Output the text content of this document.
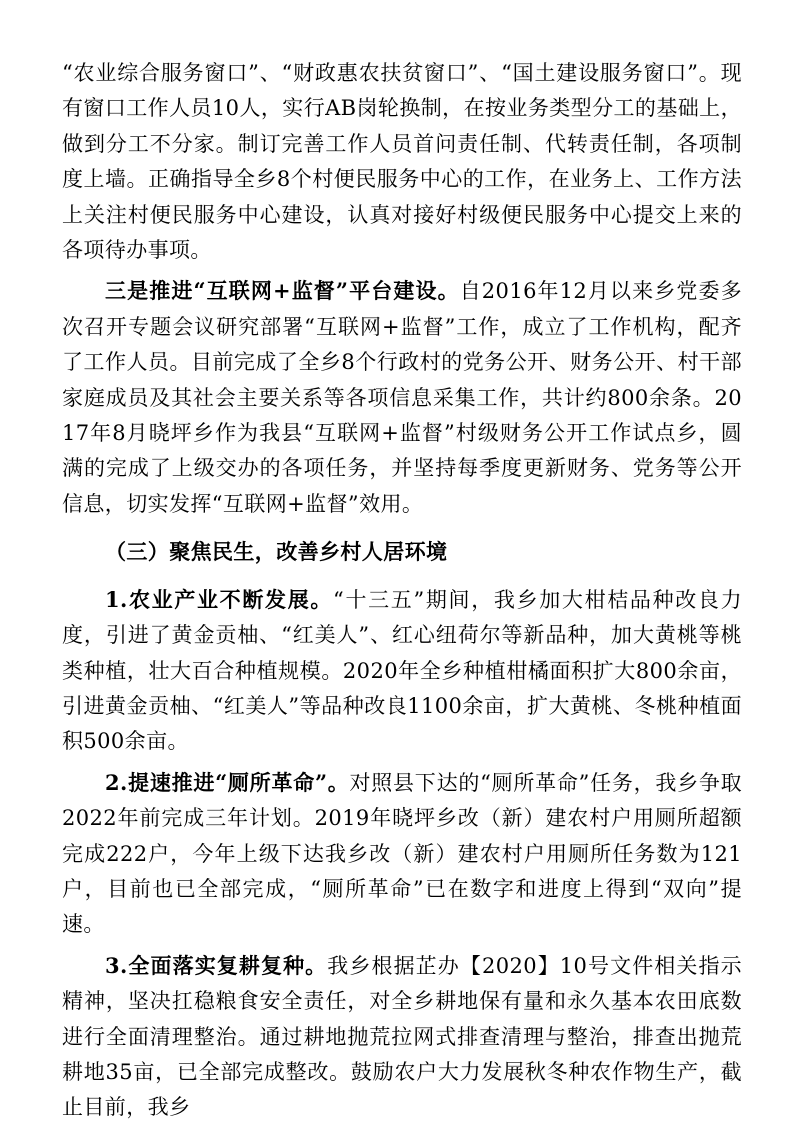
“农业综合服务窗口”、“财政惠农扶贫窗口”、“国土建设服务窗口”。现有窗口工作人员10人，实行AB岗轮换制，在按业务类型分工的基础上，做到分工不分家。制订完善工作人员首问责任制、代转责任制，各项制度上墙。正确指导全乡8个村便民服务中心的工作，在业务上、工作方法上关注村便民服务中心建设，认真对接好村级便民服务中心提交上来的各项待办事项。

三是推进“互联网+监督”平台建设。自2016年12月以来乡党委多次召开专题会议研究部署“互联网+监督”工作，成立了工作机构，配齐了工作人员。目前完成了全乡8个行政村的党务公开、财务公开、村干部家庭成员及其社会主要关系等各项信息采集工作，共计约800余条。2017年8月晓坪乡作为我县“互联网+监督”村级财务公开工作试点乡，圆满的完成了上级交办的各项任务，并坚持每季度更新财务、党务等公开信息，切实发挥“互联网+监督”效用。

（三）聚焦民生，改善乡村人居环境

1.农业产业不断发展。“十三五”期间，我乡加大柑桔品种改良力度，引进了黄金贡柚、“红美人”、红心纽荷尔等新品种，加大黄桃等桃类种植，壮大百合种植规模。2020年全乡种植柑橘面积扩大800余亩，引进黄金贡柚、“红美人”等品种改良1100余亩，扩大黄桃、冬桃种植面积500余亩。

2.提速推进“厕所革命”。对照县下达的“厕所革命”任务，我乡争取2022年前完成三年计划。2019年晓坪乡改（新）建农村户用厕所超额完成222户，今年上级下达我乡改（新）建农村户用厕所任务数为121户，目前也已全部完成，“厕所革命”已在数字和进度上得到“双向”提速。

3.全面落实复耕复种。我乡根据芷办【2020】10号文件相关指示精神，坚决扛稳粮食安全责任，对全乡耕地保有量和永久基本农田底数进行全面清理整治。通过耕地抛荒拉网式排查清理与整治，排查出抛荒耕地35亩，已全部完成整改。鼓励农户大力发展秋冬种农作物生产，截止目前，我乡
